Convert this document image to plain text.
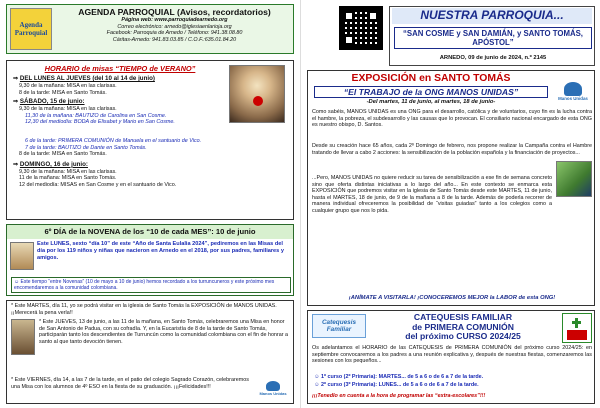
Agenda
Parroquial
AGENDA PARROQUIAL (Avisos, recordatorios)
Página web: www.parroquiadearnedo.org
Correo electrónico: arnedo@iglesiaenlarioja.org
Facebook: Parroquia de Arnedo / Teléfono: 941.38.08.80
Cáritas-Arnedo: 941.83.03.85 / C.O.F.:635.01.84.20
HORARIO de misas “TIEMPO de VERANO”
⇒ DEL LUNES AL JUEVES (del 10 al 14 de junio)
9,30 de la mañana: MISA en las clarisas.
8 de la tarde: MISA en Santo Tomás.
⇒ SÁBADO, 15 de junio:
9,30 de la mañana: MISA en las clarisas.
11,30 de la mañana: BAUTIZO de Carolina en San Cosme.
12,30 del mediodía: BODA de Elisabet y Mario en San Cosme.
6 de la tarde: PRIMERA COMUNIÓN de Manuela en el santuario de Vico.
7 de la tarde: BAUTIZO de Dante en Santo Tomás.
8 de la tarde: MISA en Santo Tomás.
⇒ DOMINGO, 16 de junio:
9,30 de la mañana: MISA en las clarisas.
11 de la mañana: MISA en Santo Tomás.
12 del mediodía: MISAS en San Cosme y en el santuario de Vico.
6º DÍA de la NOVENA de los “10 de cada MES”: 10 de junio
Este LUNES, sexto “día 10” de este “Año de Santa Eulalia 2024”, pediremos en las Misas del día por los 119 niños y niñas que nacieron en Arnedo en el 2018, por sus padres, familiares y amigos.
☺ Este tiempo “entre Novenas” (10 de mayo a 10 de junio) hemos recordado a los turruncuneros y este próximo mes encomendaremos a la comunidad colombiana.
* Este MARTES, día 11, yo se podrá visitar en la iglesia de Santo Tomás la EXPOSICIÓN de MANOS UNIDAS. ¡¡Merecerá la pena verla!!
* Este JUEVES, 13 de junio, a las 11 de la mañana, en Santo Tomás, celebraremos una Misa en honor de San Antonio de Padua, con su cofradía. Y, en la Eucaristía de 8 de la tarde de Santo Tomás, participarán tanto los descendientes de Turruncún como la comunidad colombiana con el fin de honrar a santo al que tanto devoción tienen.
* Este VIERNES, día 14, a las 7 de la tarde, en el patio del colegio Sagrado Corazón, celebraremos una Misa con los alumnos de 4º ESO en la fiesta de su graduación. ¡¡¡Felicidades!!!
Manos Unidas
NUESTRA PARROQUIA...
“SAN COSME y SAN DAMIÁN, y SANTO TOMÁS, APÓSTOL”
ARNEDO, 09 de junio de 2024, n.º 2145
EXPOSICIÓN en SANTO TOMÁS
“El TRABAJO de la ONG MANOS UNIDAS”
-Del martes, 11 de junio, al martes, 18 de junio-
Manos Unidas
Como sabéis, MANOS UNIDAS es una ONG para el desarrollo, católica y de voluntarios, cuyo fin es la lucha contra el hambre, la pobreza, el subdesarrollo y las causas que lo provocan. El consiliario nacional encargado de esta ONG es nuestro obispo, D. Santos.
Desde su creación hace 65 años, cada 2º Domingo de febrero, nos propone realizar la Campaña contra el Hambre tratando de llevar a cabo 2 acciones: la sensibilización de la población española y la financiación de proyectos...
...Pero, MANOS UNIDAS no quiere reducir su tarea de sensibilización a ese fin de semana concreto sino que oferta distintas iniciativas a lo largo del año... En este contexto se enmarca esta EXPOSICIÓN que podremos visitar en la iglesia de Santo Tomás desde este MARTES, 11 de junio, hasta el MARTES, 18 de junio, de 9 de la mañana a 8 de la tarde. Además de poderla recorrer de manera individual ofreceremos la posibilidad de “visitas guiadas” tanto a los colegios como a cualquier grupo que nos lo pida.
¡ANÍMATE A VISITARLA! ¡CONOCEREMOS MEJOR la LABOR de esta ONG!
Catequesis
Familiar
CATEQUESIS FAMILIAR
de PRIMERA COMUNIÓN
del próximo CURSO 2024/25
Os adelantamos el HORARIO de las CATEQUESIS de PRIMERA COMUNIÓN del próximo curso 2024/25: en septiembre convocaremos a los padres a una reunión explicativa y, después de nuestras fiestas, comenzaremos las sesiones con los pequeños...
☺ 1º curso (2º Primaria): MARTES... de 5 a 6 o de 6 a 7 de la tarde.
☺ 2º curso (3º Primaria): LUNES... de 5 a 6 o de 6 a 7 de la tarde.
¡¡¡Tenedlo en cuenta a la hora de programar las “extra-escolares”!!!
